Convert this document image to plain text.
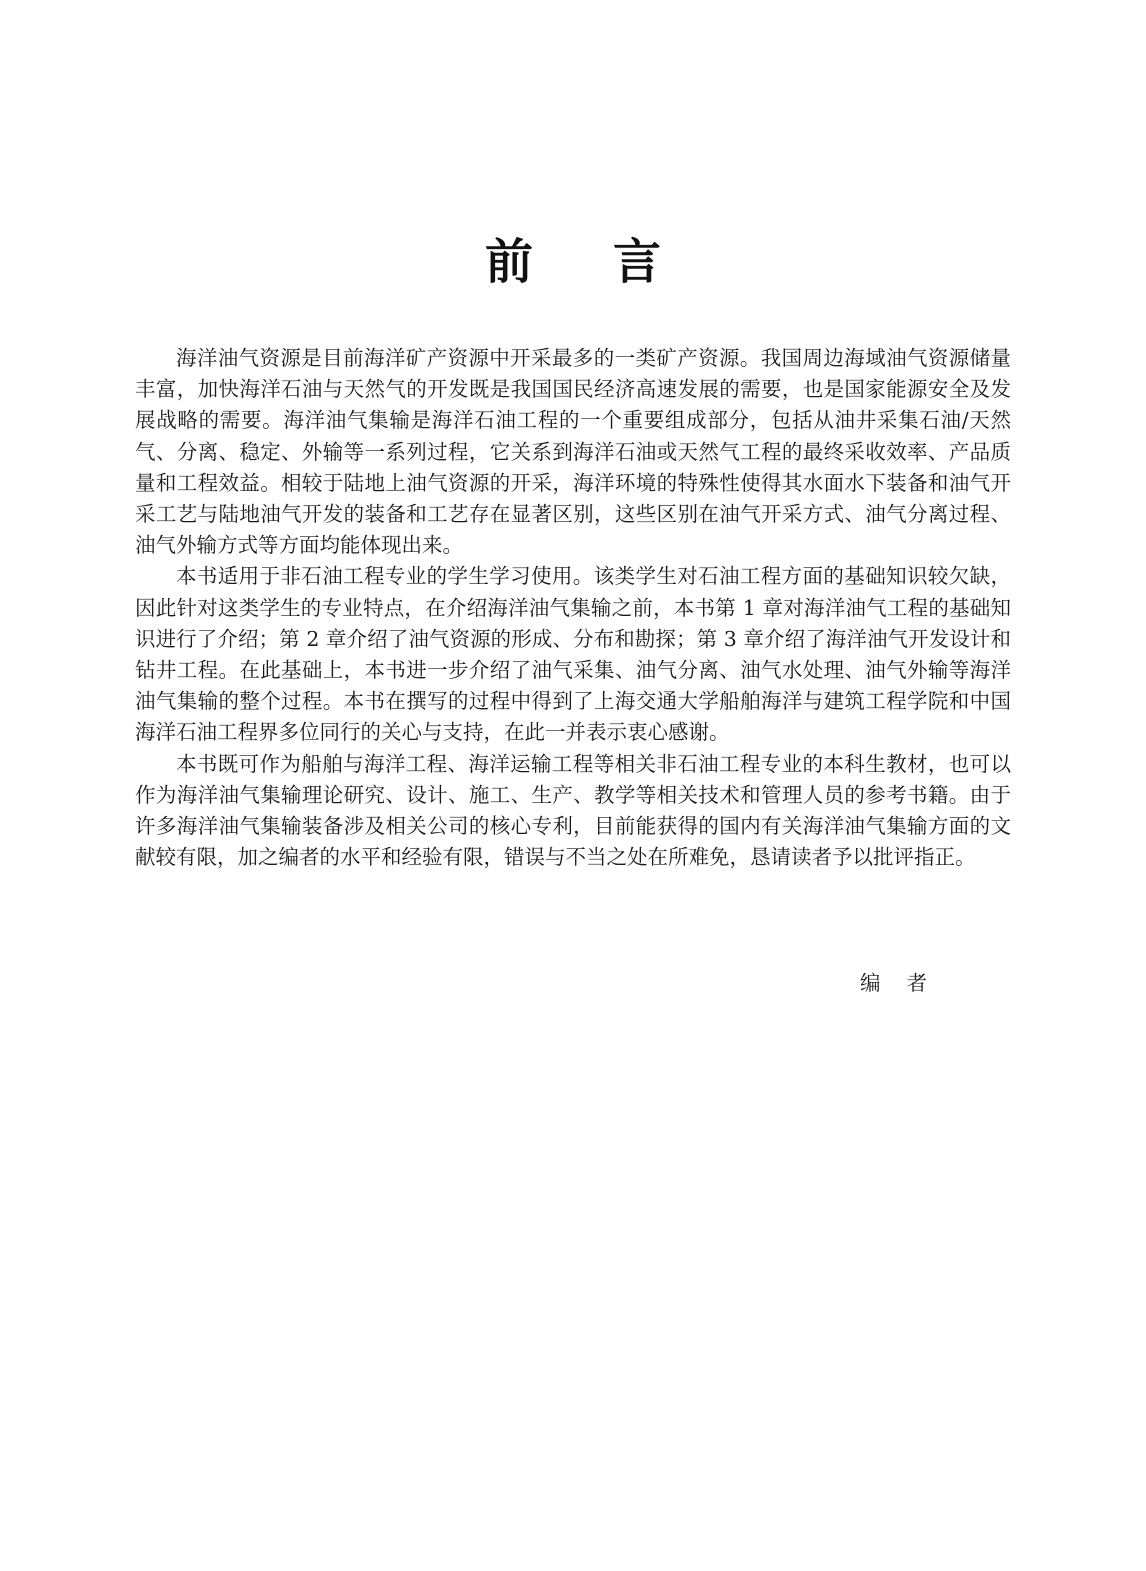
前言

海洋油气资源是目前海洋矿产资源中开采最多的一类矿产资源。我国周边海域油气资源储量丰富，加快海洋石油与天然气的开发既是我国国民经济高速发展的需要，也是国家能源安全及发展战略的需要。海洋油气集输是海洋石油工程的一个重要组成部分，包括从油井采集石油/天然气、分离、稳定、外输等一系列过程，它关系到海洋石油或天然气工程的最终采收效率、产品质量和工程效益。相较于陆地上油气资源的开采，海洋环境的特殊性使得其水面水下装备和油气开采工艺与陆地油气开发的装备和工艺存在显著区别，这些区别在油气开采方式、油气分离过程、油气外输方式等方面均能体现出来。

本书适用于非石油工程专业的学生学习使用。该类学生对石油工程方面的基础知识较欠缺，因此针对这类学生的专业特点，在介绍海洋油气集输之前，本书第 1 章对海洋油气工程的基础知识进行了介绍；第 2 章介绍了油气资源的形成、分布和勘探；第 3 章介绍了海洋油气开发设计和钻井工程。在此基础上，本书进一步介绍了油气采集、油气分离、油气水处理、油气外输等海洋油气集输的整个过程。本书在撰写的过程中得到了上海交通大学船舶海洋与建筑工程学院和中国海洋石油工程界多位同行的关心与支持，在此一并表示衷心感谢。

本书既可作为船舶与海洋工程、海洋运输工程等相关非石油工程专业的本科生教材，也可以作为海洋油气集输理论研究、设计、施工、生产、教学等相关技术和管理人员的参考书籍。由于许多海洋油气集输装备涉及相关公司的核心专利，目前能获得的国内有关海洋油气集输方面的文献较有限，加之编者的水平和经验有限，错误与不当之处在所难免，恳请读者予以批评指正。

编者
